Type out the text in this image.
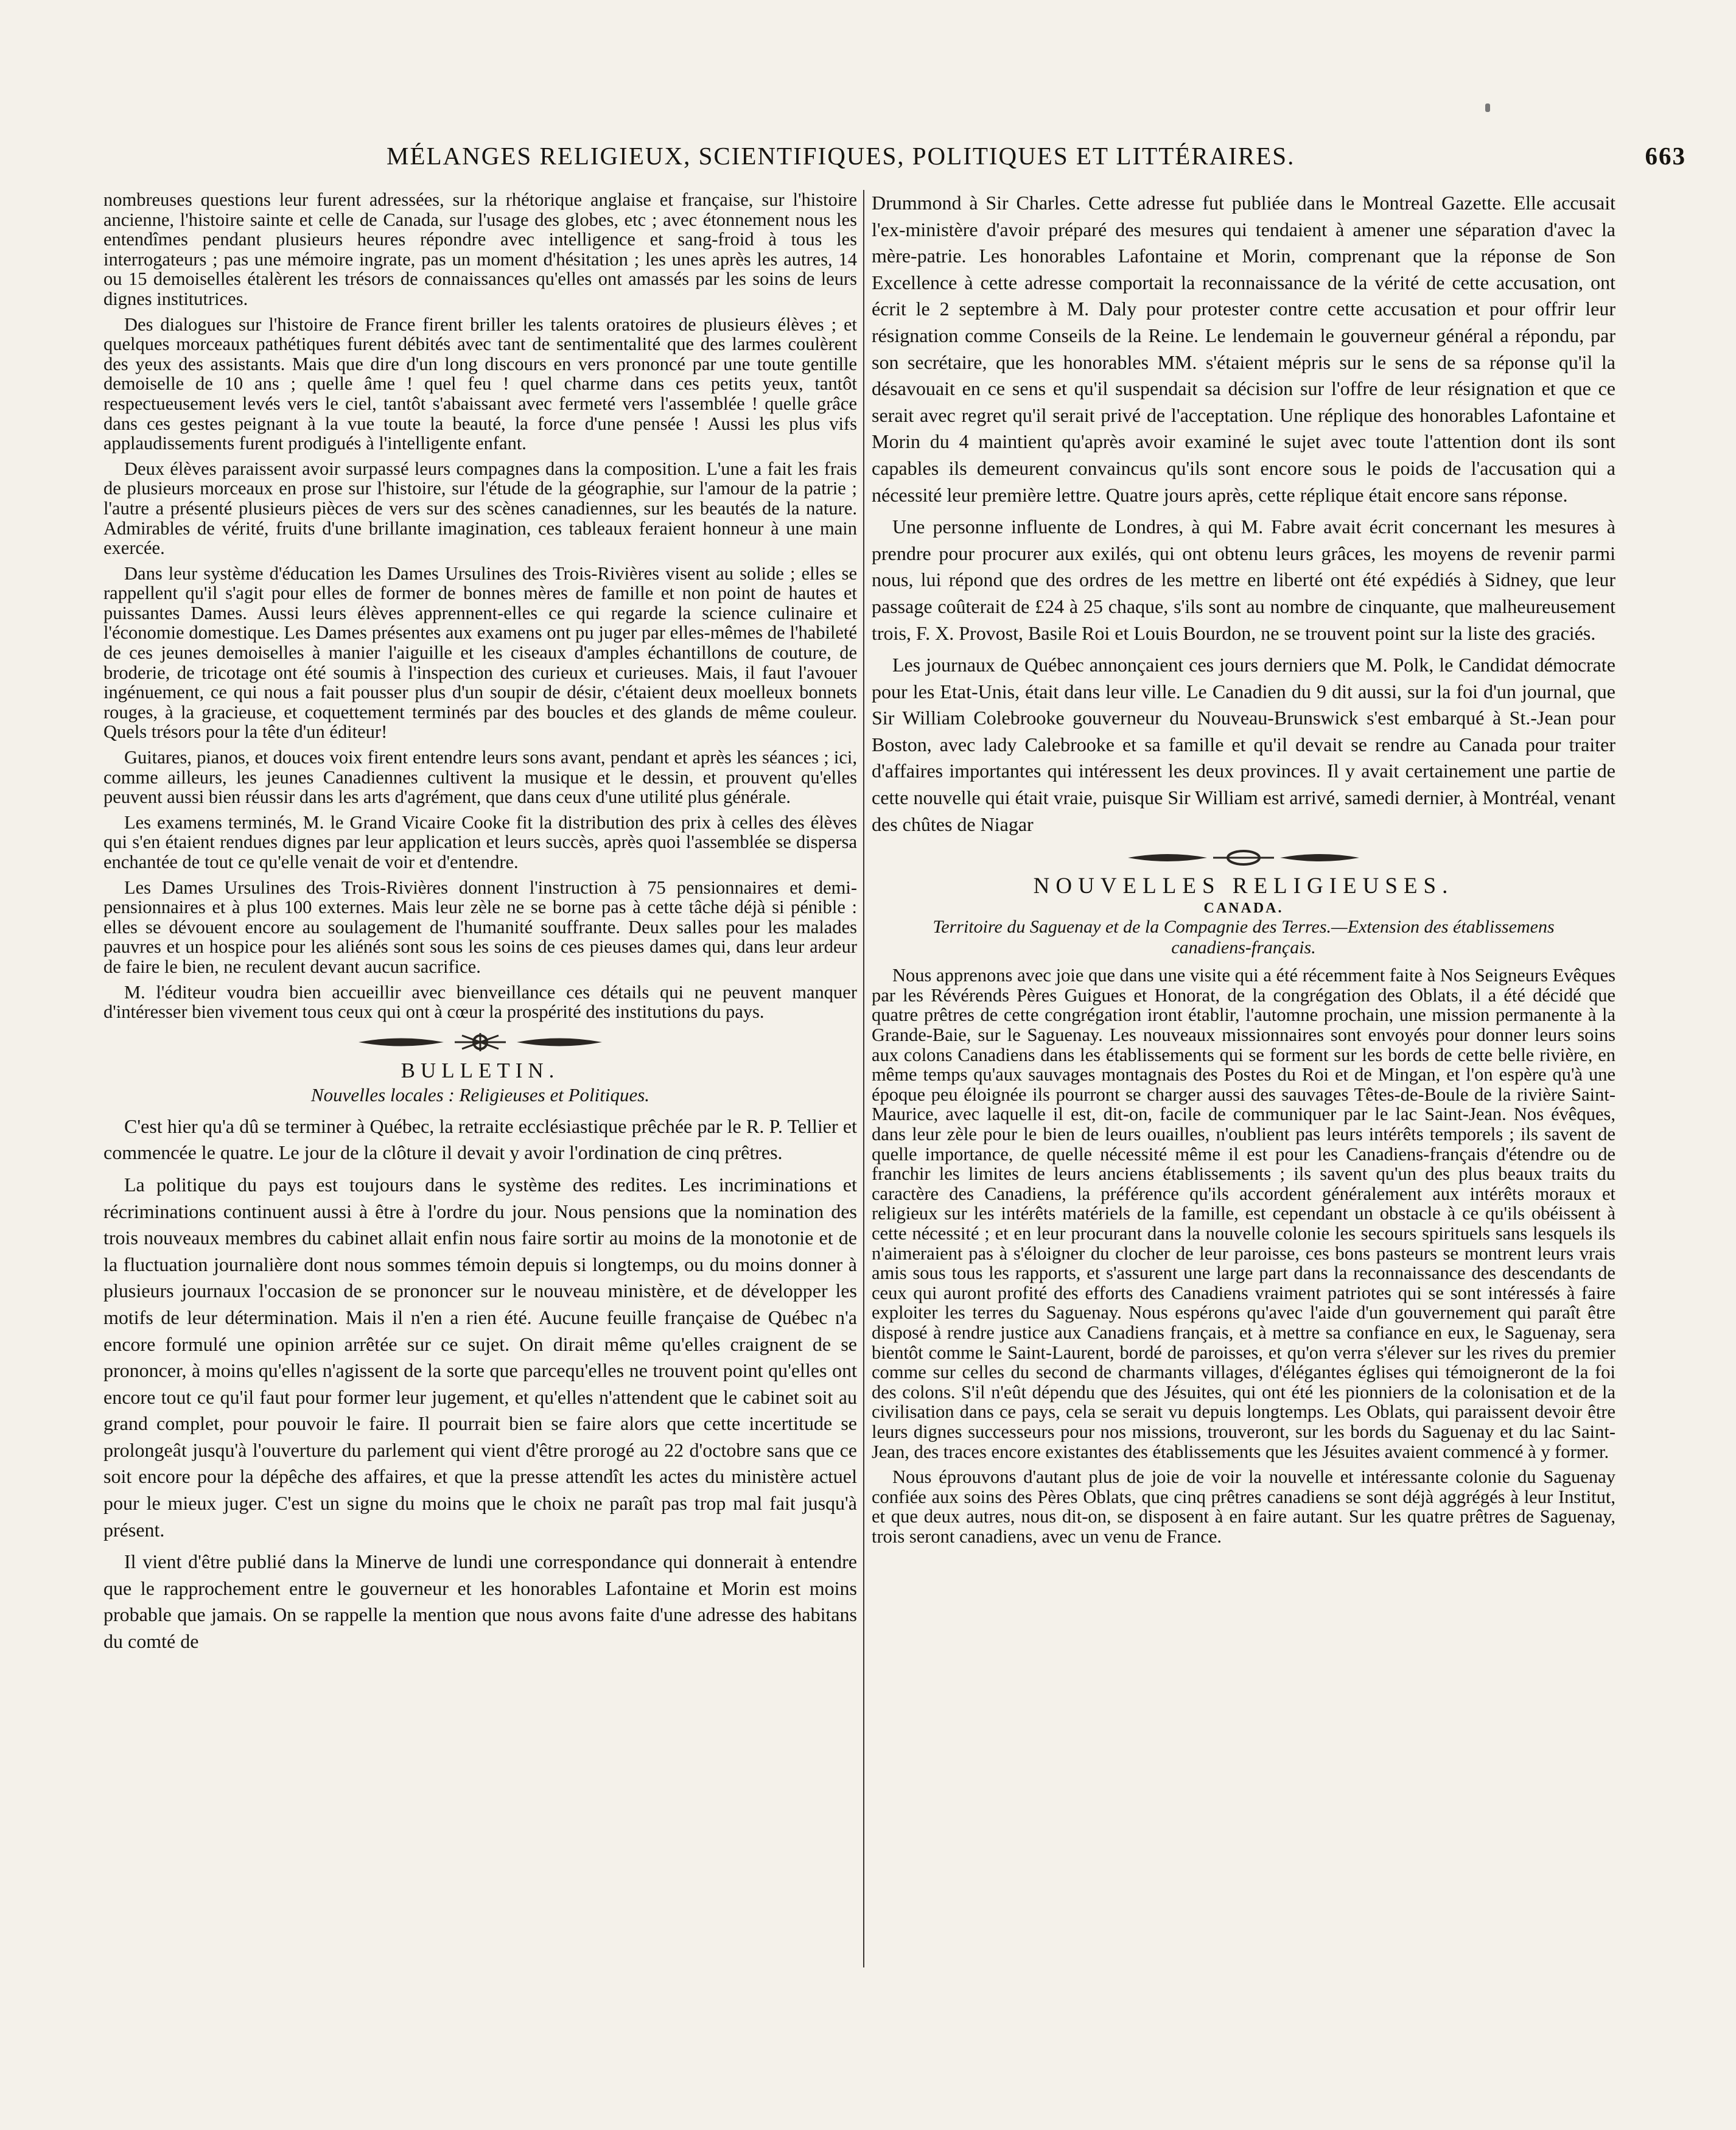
MÉLANGES RELIGIEUX, SCIENTIFIQUES, POLITIQUES ET LITTÉRAIRES.	663

nombreuses questions leur furent adressées, sur la rhétorique anglaise et française, sur l'histoire ancienne, l'histoire sainte et celle de Canada, sur l'usage des globes, etc ; avec étonnement nous les entendîmes pendant plusieurs heures répondre avec intelligence et sang-froid à tous les interrogateurs ; pas une mémoire ingrate, pas un moment d'hésitation ; les unes après les autres, 14 ou 15 demoiselles étalèrent les trésors de connaissances qu'elles ont amassés par les soins de leurs dignes institutrices.

Des dialogues sur l'histoire de France firent briller les talents oratoires de plusieurs élèves ; et quelques morceaux pathétiques furent débités avec tant de sentimentalité que des larmes coulèrent des yeux des assistants. Mais que dire d'un long discours en vers prononcé par une toute gentille demoiselle de 10 ans ; quelle âme ! quel feu ! quel charme dans ces petits yeux, tantôt respectueusement levés vers le ciel, tantôt s'abaissant avec fermeté vers l'assemblée ! quelle grâce dans ces gestes peignant à la vue toute la beauté, la force d'une pensée ! Aussi les plus vifs applaudissements furent prodigués à l'intelligente enfant.

Deux élèves paraissent avoir surpassé leurs compagnes dans la composition. L'une a fait les frais de plusieurs morceaux en prose sur l'histoire, sur l'étude de la géographie, sur l'amour de la patrie ; l'autre a présenté plusieurs pièces de vers sur des scènes canadiennes, sur les beautés de la nature. Admirables de vérité, fruits d'une brillante imagination, ces tableaux feraient honneur à une main exercée.

Dans leur système d'éducation les Dames Ursulines des Trois-Rivières visent au solide ; elles se rappellent qu'il s'agit pour elles de former de bonnes mères de famille et non point de hautes et puissantes Dames. Aussi leurs élèves apprennent-elles ce qui regarde la science culinaire et l'économie domestique. Les Dames présentes aux examens ont pu juger par elles-mêmes de l'habileté de ces jeunes demoiselles à manier l'aiguille et les ciseaux d'amples échantillons de couture, de broderie, de tricotage ont été soumis à l'inspection des curieux et curieuses. Mais, il faut l'avouer ingénuement, ce qui nous a fait pousser plus d'un soupir de désir, c'étaient deux moelleux bonnets rouges, à la gracieuse, et coquettement terminés par des boucles et des glands de même couleur. Quels trésors pour la tête d'un éditeur!

Guitares, pianos, et douces voix firent entendre leurs sons avant, pendant et après les séances ; ici, comme ailleurs, les jeunes Canadiennes cultivent la musique et le dessin, et prouvent qu'elles peuvent aussi bien réussir dans les arts d'agrément, que dans ceux d'une utilité plus générale.

Les examens terminés, M. le Grand Vicaire Cooke fit la distribution des prix à celles des élèves qui s'en étaient rendues dignes par leur application et leurs succès, après quoi l'assemblée se dispersa enchantée de tout ce qu'elle venait de voir et d'entendre.

Les Dames Ursulines des Trois-Rivières donnent l'instruction à 75 pensionnaires et demi-pensionnaires et à plus 100 externes. Mais leur zèle ne se borne pas à cette tâche déjà si pénible : elles se dévouent encore au soulagement de l'humanité souffrante. Deux salles pour les malades pauvres et un hospice pour les aliénés sont sous les soins de ces pieuses dames qui, dans leur ardeur de faire le bien, ne reculent devant aucun sacrifice.

M. l'éditeur voudra bien accueillir avec bienveillance ces détails qui ne peuvent manquer d'intéresser bien vivement tous ceux qui ont à cœur la prospérité des institutions du pays.

BULLETIN.
Nouvelles locales : Religieuses et Politiques.

C'est hier qu'a dû se terminer à Québec, la retraite ecclésiastique prêchée par le R. P. Tellier et commencée le quatre. Le jour de la clôture il devait y avoir l'ordination de cinq prêtres.

La politique du pays est toujours dans le système des redites. Les incriminations et récriminations continuent aussi à être à l'ordre du jour. Nous pensions que la nomination des trois nouveaux membres du cabinet allait enfin nous faire sortir au moins de la monotonie et de la fluctuation journalière dont nous sommes témoin depuis si longtemps, ou du moins donner à plusieurs journaux l'occasion de se prononcer sur le nouveau ministère, et de développer les motifs de leur détermination. Mais il n'en a rien été. Aucune feuille française de Québec n'a encore formulé une opinion arrêtée sur ce sujet. On dirait même qu'elles craignent de se prononcer, à moins qu'elles n'agissent de la sorte que parcequ'elles ne trouvent point qu'elles ont encore tout ce qu'il faut pour former leur jugement, et qu'elles n'attendent que le cabinet soit au grand complet, pour pouvoir le faire. Il pourrait bien se faire alors que cette incertitude se prolongeât jusqu'à l'ouverture du parlement qui vient d'être prorogé au 22 d'octobre sans que ce soit encore pour la dépêche des affaires, et que la presse attendît les actes du ministère actuel pour le mieux juger. C'est un signe du moins que le choix ne paraît pas trop mal fait jusqu'à présent.

Il vient d'être publié dans la Minerve de lundi une correspondance qui donnerait à entendre que le rapprochement entre le gouverneur et les honorables Lafontaine et Morin est moins probable que jamais. On se rappelle la mention que nous avons faite d'une adresse des habitans du comté de

Drummond à Sir Charles. Cette adresse fut publiée dans le Montreal Gazette. Elle accusait l'ex-ministère d'avoir préparé des mesures qui tendaient à amener une séparation d'avec la mère-patrie. Les honorables Lafontaine et Morin, comprenant que la réponse de Son Excellence à cette adresse comportait la reconnaissance de la vérité de cette accusation, ont écrit le 2 septembre à M. Daly pour protester contre cette accusation et pour offrir leur résignation comme Conseils de la Reine. Le lendemain le gouverneur général a répondu, par son secrétaire, que les honorables MM. s'étaient mépris sur le sens de sa réponse qu'il la désavouait en ce sens et qu'il suspendait sa décision sur l'offre de leur résignation et que ce serait avec regret qu'il serait privé de l'acceptation. Une réplique des honorables Lafontaine et Morin du 4 maintient qu'après avoir examiné le sujet avec toute l'attention dont ils sont capables ils demeurent convaincus qu'ils sont encore sous le poids de l'accusation qui a nécessité leur première lettre. Quatre jours après, cette réplique était encore sans réponse.

Une personne influente de Londres, à qui M. Fabre avait écrit concernant les mesures à prendre pour procurer aux exilés, qui ont obtenu leurs grâces, les moyens de revenir parmi nous, lui répond que des ordres de les mettre en liberté ont été expédiés à Sidney, que leur passage coûterait de £24 à 25 chaque, s'ils sont au nombre de cinquante, que malheureusement trois, F. X. Provost, Basile Roi et Louis Bourdon, ne se trouvent point sur la liste des graciés.

Les journaux de Québec annonçaient ces jours derniers que M. Polk, le Candidat démocrate pour les Etat-Unis, était dans leur ville. Le Canadien du 9 dit aussi, sur la foi d'un journal, que Sir William Colebrooke gouverneur du Nouveau-Brunswick s'est embarqué à St.-Jean pour Boston, avec lady Calebrooke et sa famille et qu'il devait se rendre au Canada pour traiter d'affaires importantes qui intéressent les deux provinces. Il y avait certainement une partie de cette nouvelle qui était vraie, puisque Sir William est arrivé, samedi dernier, à Montréal, venant des chûtes de Niagar

NOUVELLES RELIGIEUSES.
CANADA.
Territoire du Saguenay et de la Compagnie des Terres.—Extension des établissemens canadiens-français.

Nous apprenons avec joie que dans une visite qui a été récemment faite à Nos Seigneurs Evêques par les Révérends Pères Guigues et Honorat, de la congrégation des Oblats, il a été décidé que quatre prêtres de cette congrégation iront établir, l'automne prochain, une mission permanente à la Grande-Baie, sur le Saguenay. Les nouveaux missionnaires sont envoyés pour donner leurs soins aux colons Canadiens dans les établissements qui se forment sur les bords de cette belle rivière, en même temps qu'aux sauvages montagnais des Postes du Roi et de Mingan, et l'on espère qu'à une époque peu éloignée ils pourront se charger aussi des sauvages Têtes-de-Boule de la rivière Saint-Maurice, avec laquelle il est, dit-on, facile de communiquer par le lac Saint-Jean. Nos évêques, dans leur zèle pour le bien de leurs ouailles, n'oublient pas leurs intérêts temporels ; ils savent de quelle importance, de quelle nécessité même il est pour les Canadiens-français d'étendre ou de franchir les limites de leurs anciens établissements ; ils savent qu'un des plus beaux traits du caractère des Canadiens, la préférence qu'ils accordent généralement aux intérêts moraux et religieux sur les intérêts matériels de la famille, est cependant un obstacle à ce qu'ils obéissent à cette nécessité ; et en leur procurant dans la nouvelle colonie les secours spirituels sans lesquels ils n'aimeraient pas à s'éloigner du clocher de leur paroisse, ces bons pasteurs se montrent leurs vrais amis sous tous les rapports, et s'assurent une large part dans la reconnaissance des descendants de ceux qui auront profité des efforts des Canadiens vraiment patriotes qui se sont intéressés à faire exploiter les terres du Saguenay. Nous espérons qu'avec l'aide d'un gouvernement qui paraît être disposé à rendre justice aux Canadiens français, et à mettre sa confiance en eux, le Saguenay, sera bientôt comme le Saint-Laurent, bordé de paroisses, et qu'on verra s'élever sur les rives du premier comme sur celles du second de charmants villages, d'élégantes églises qui témoigneront de la foi des colons. S'il n'eût dépendu que des Jésuites, qui ont été les pionniers de la colonisation et de la civilisation dans ce pays, cela se serait vu depuis longtemps. Les Oblats, qui paraissent devoir être leurs dignes successeurs pour nos missions, trouveront, sur les bords du Saguenay et du lac Saint-Jean, des traces encore existantes des établissements que les Jésuites avaient commencé à y former.

Nous éprouvons d'autant plus de joie de voir la nouvelle et intéressante colonie du Saguenay confiée aux soins des Pères Oblats, que cinq prêtres canadiens se sont déjà aggrégés à leur Institut, et que deux autres, nous dit-on, se disposent à en faire autant. Sur les quatre prêtres de Saguenay, trois seront canadiens, avec un venu de France.
